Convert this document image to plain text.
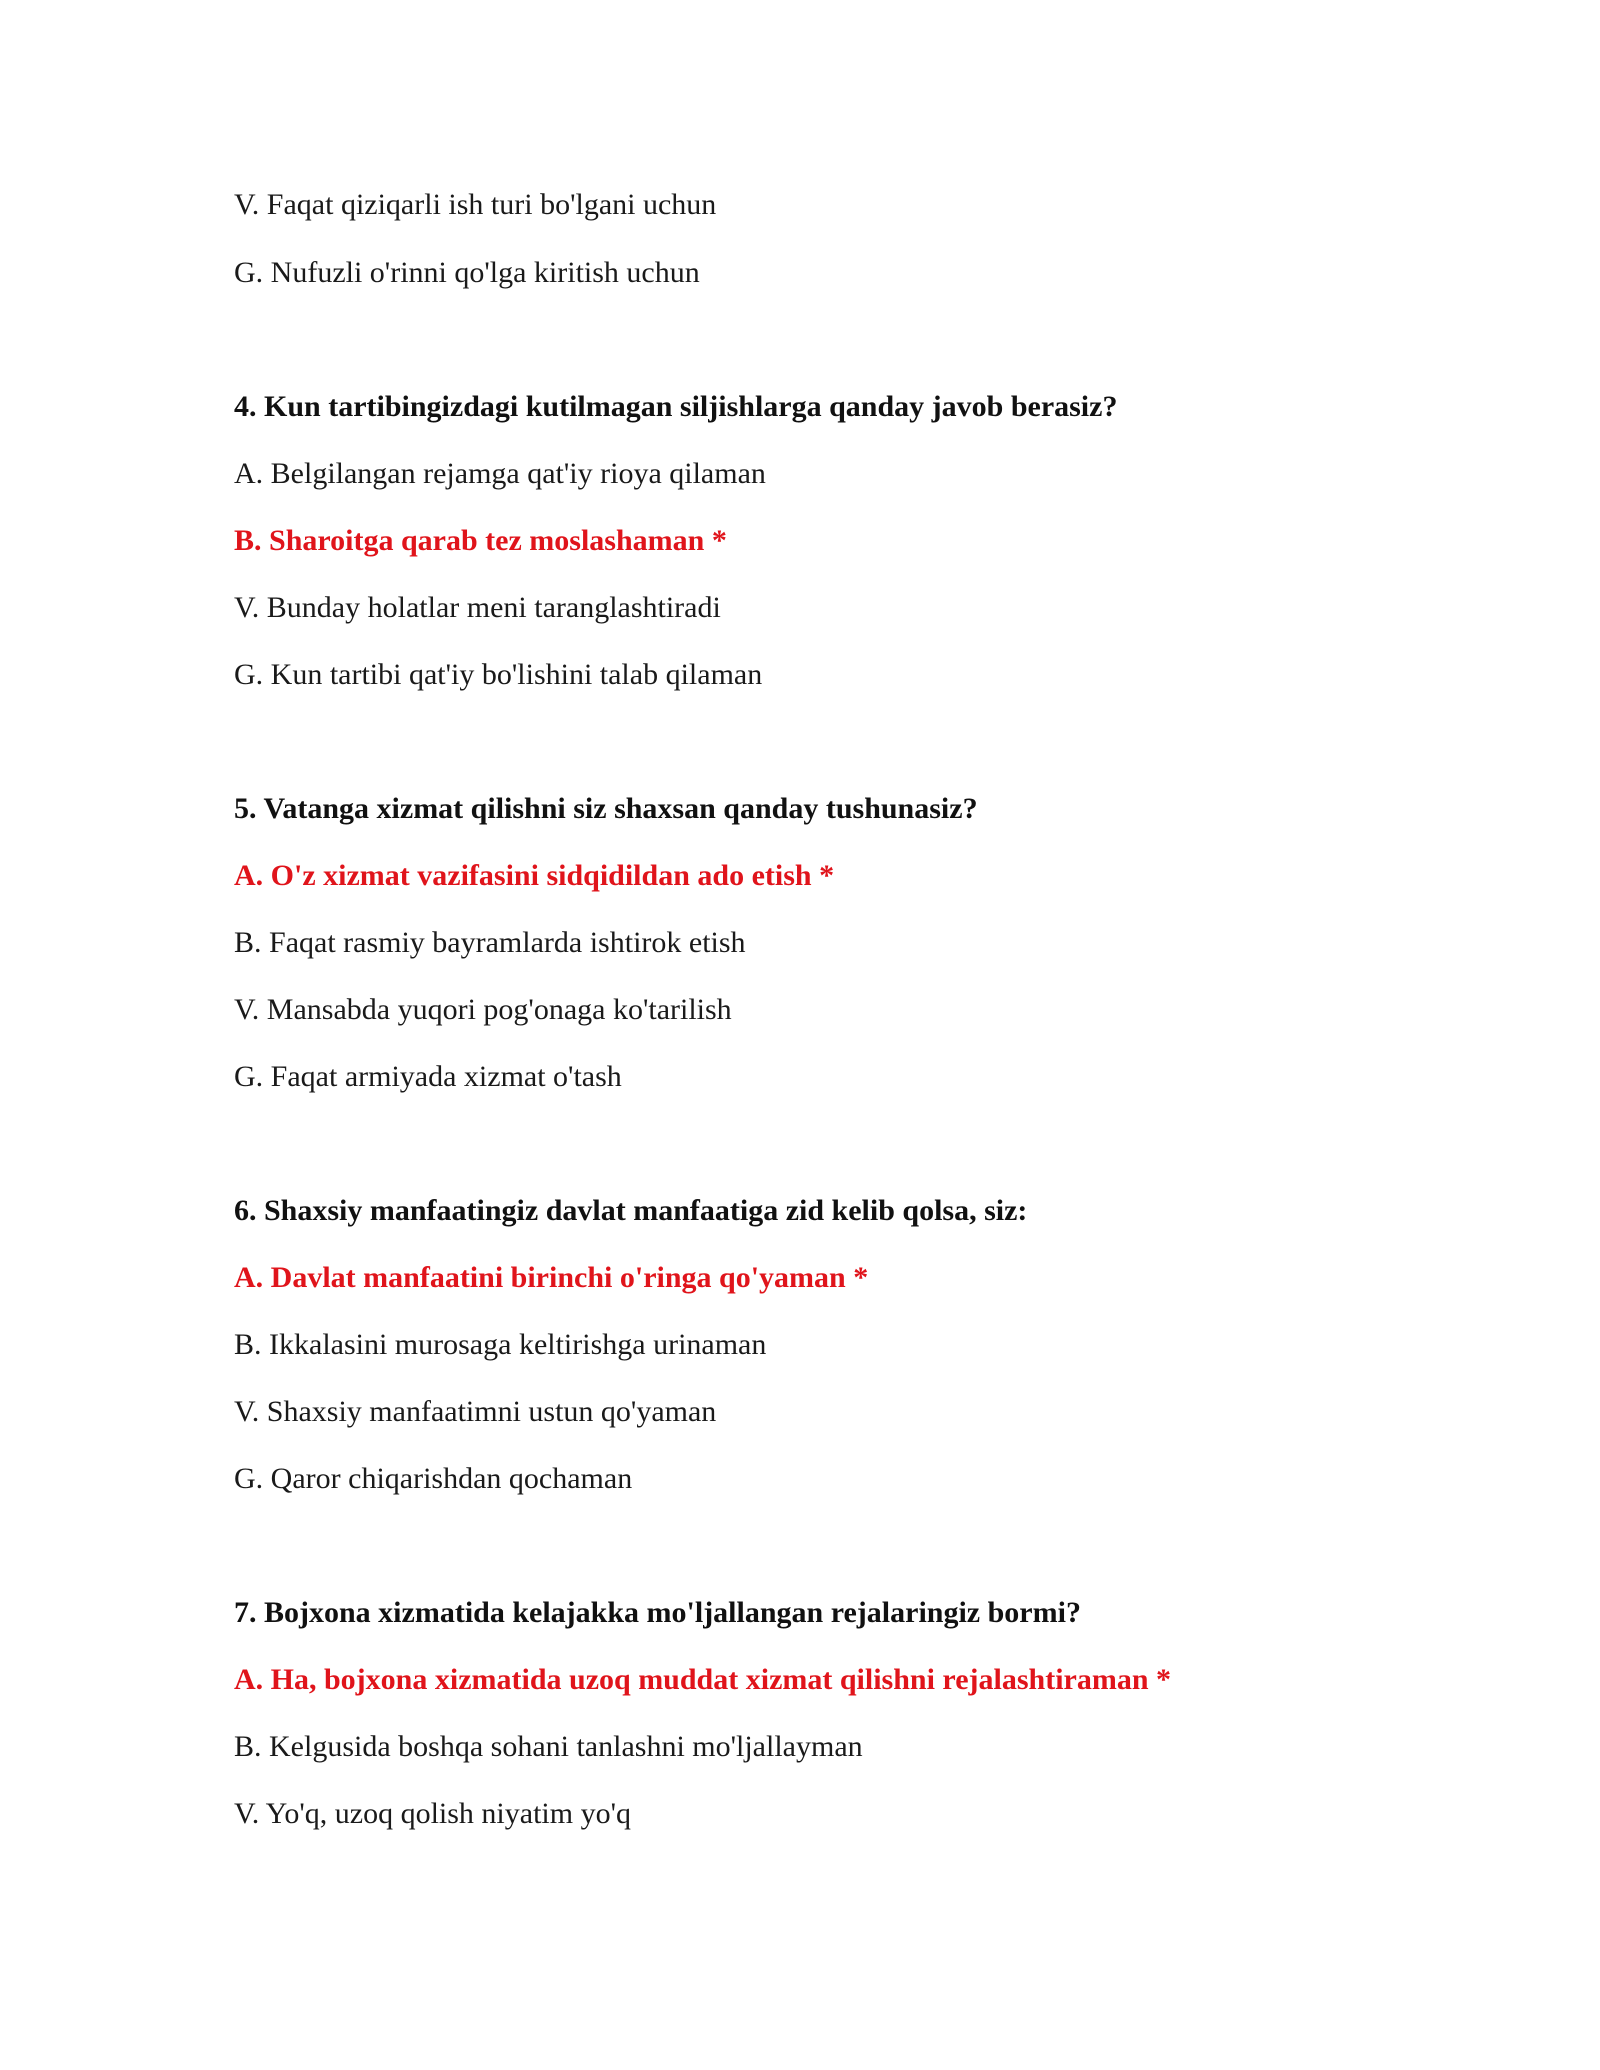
V. Faqat qiziqarli ish turi bo'lgani uchun
G. Nufuzli o'rinni qo'lga kiritish uchun
4. Kun tartibingizdagi kutilmagan siljishlarga qanday javob berasiz?
A. Belgilangan rejamga qat'iy rioya qilaman
B. Sharoitga qarab tez moslashaman *
V. Bunday holatlar meni taranglashtiradi
G. Kun tartibi qat'iy bo'lishini talab qilaman
5. Vatanga xizmat qilishni siz shaxsan qanday tushunasiz?
A. O'z xizmat vazifasini sidqidildan ado etish *
B. Faqat rasmiy bayramlarda ishtirok etish
V. Mansabda yuqori pog'onaga ko'tarilish
G. Faqat armiyada xizmat o'tash
6. Shaxsiy manfaatingiz davlat manfaatiga zid kelib qolsa, siz:
A. Davlat manfaatini birinchi o'ringa qo'yaman *
B. Ikkalasini murosaga keltirishga urinaman
V. Shaxsiy manfaatimni ustun qo'yaman
G. Qaror chiqarishdan qochaman
7. Bojxona xizmatida kelajakka mo'ljallangan rejalaringiz bormi?
A. Ha, bojxona xizmatida uzoq muddat xizmat qilishni rejalashtiraman *
B. Kelgusida boshqa sohani tanlashni mo'ljallayman
V. Yo'q, uzoq qolish niyatim yo'q
